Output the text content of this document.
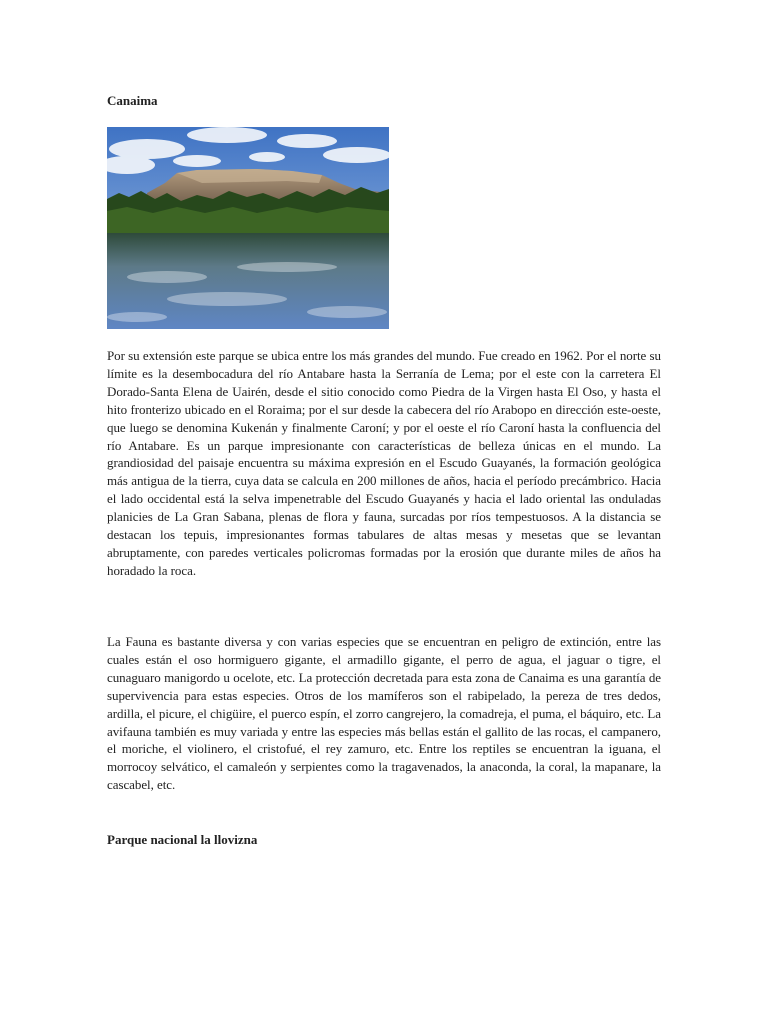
Canaima

Por su extensión este parque se ubica entre los más grandes del mundo. Fue creado en 1962. Por el norte su límite es la desembocadura del río Antabare hasta la Serranía de Lema; por el este con la carretera El Dorado-Santa Elena de Uairén, desde el sitio conocido como Piedra de la Virgen hasta El Oso, y hasta el hito fronterizo ubicado en el Roraima; por el sur desde la cabecera del río Arabopo en dirección este-oeste, que luego se denomina Kukenán y finalmente Caroní; y por el oeste el río Caroní hasta la confluencia del río Antabare. Es un parque impresionante con características de belleza únicas en el mundo. La grandiosidad del paisaje encuentra su máxima expresión en el Escudo Guayanés, la formación geológica más antigua de la tierra, cuya data se calcula en 200 millones de años, hacia el período precámbrico. Hacia el lado occidental está la selva impenetrable del Escudo Guayanés y hacia el lado oriental las onduladas planicies de La Gran Sabana, plenas de flora y fauna, surcadas por ríos tempestuosos. A la distancia se destacan los tepuis, impresionantes formas tabulares de altas mesas y mesetas que se levantan abruptamente, con paredes verticales policromas formadas por la erosión que durante miles de años ha horadado la roca.

La Fauna es bastante diversa y con varias especies que se encuentran en peligro de extinción, entre las cuales están el oso hormiguero gigante, el armadillo gigante, el perro de agua, el jaguar o tigre, el cunaguaro manigordo u ocelote, etc. La protección decretada para esta zona de Canaima es una garantía de supervivencia para estas especies. Otros de los mamíferos son el rabipelado, la pereza de tres dedos, ardilla, el picure, el chigüire, el puerco espín, el zorro cangrejero, la comadreja, el puma, el báquiro, etc. La avifauna también es muy variada y entre las especies más bellas están el gallito de las rocas, el campanero, el moriche, el violinero, el cristofué, el rey zamuro, etc. Entre los reptiles se encuentran la iguana, el morrocoy selvático, el camaleón y serpientes como la tragavenados, la anaconda, la coral, la mapanare, la cascabel, etc.

Parque nacional la llovizna
